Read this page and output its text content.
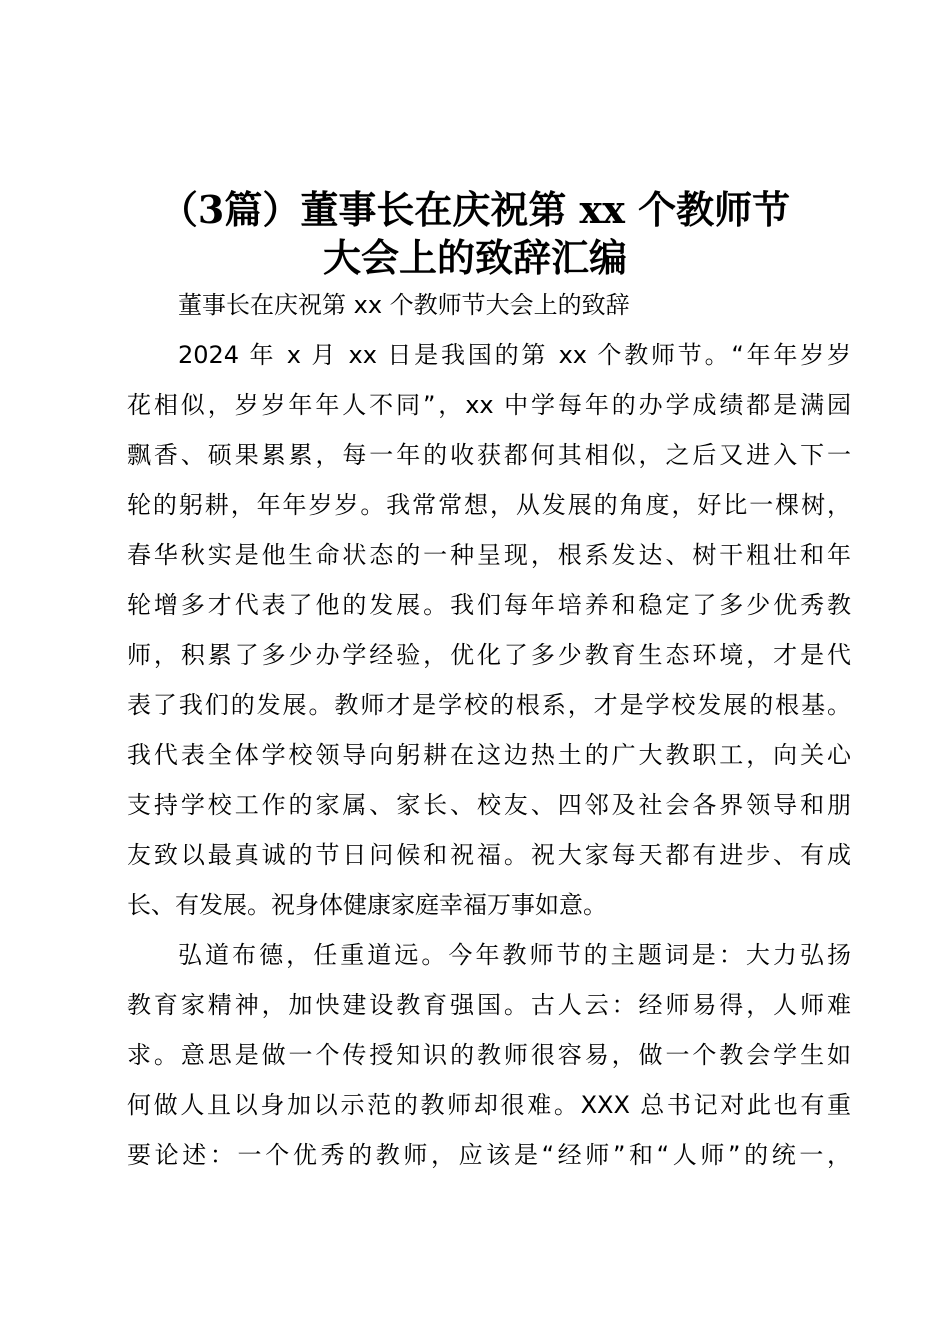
（3篇）董事长在庆祝第 xx 个教师节
大会上的致辞汇编
董事长在庆祝第 xx 个教师节大会上的致辞
2024 年 x 月 xx 日是我国的第 xx 个教师节。“年年岁岁
花相似，岁岁年年人不同”，xx 中学每年的办学成绩都是满园
飘香、硕果累累，每一年的收获都何其相似，之后又进入下一
轮的躬耕，年年岁岁。我常常想，从发展的角度，好比一棵树，
春华秋实是他生命状态的一种呈现，根系发达、树干粗壮和年
轮增多才代表了他的发展。我们每年培养和稳定了多少优秀教
师，积累了多少办学经验，优化了多少教育生态环境，才是代
表了我们的发展。教师才是学校的根系，才是学校发展的根基。
我代表全体学校领导向躬耕在这边热土的广大教职工，向关心
支持学校工作的家属、家长、校友、四邻及社会各界领导和朋
友致以最真诚的节日问候和祝福。祝大家每天都有进步、有成
长、有发展。祝身体健康家庭幸福万事如意。
弘道布德，任重道远。今年教师节的主题词是：大力弘扬
教育家精神，加快建设教育强国。古人云：经师易得，人师难
求。意思是做一个传授知识的教师很容易，做一个教会学生如
何做人且以身加以示范的教师却很难。XXX 总书记对此也有重
要论述：一个优秀的教师，应该是“经师”和“人师”的统一，
